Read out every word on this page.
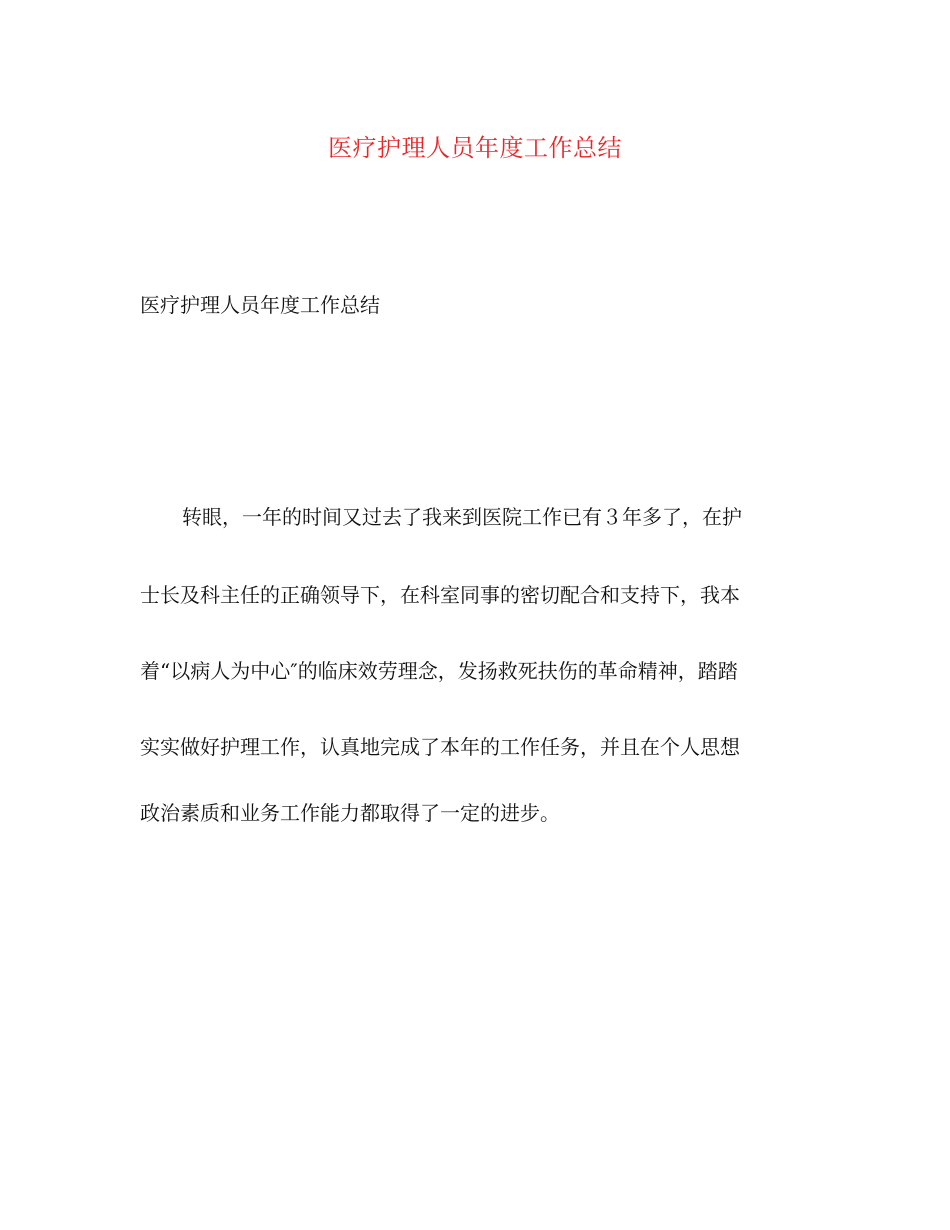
医疗护理人员年度工作总结

医疗护理人员年度工作总结

转眼，一年的时间又过去了我来到医院工作已有３年多了，在护
士长及科主任的正确领导下，在科室同事的密切配合和支持下，我本
着“以病人为中心″的临床效劳理念，发扬救死扶伤的革命精神，踏踏
实实做好护理工作，认真地完成了本年的工作任务，并且在个人思想
政治素质和业务工作能力都取得了一定的进步。
